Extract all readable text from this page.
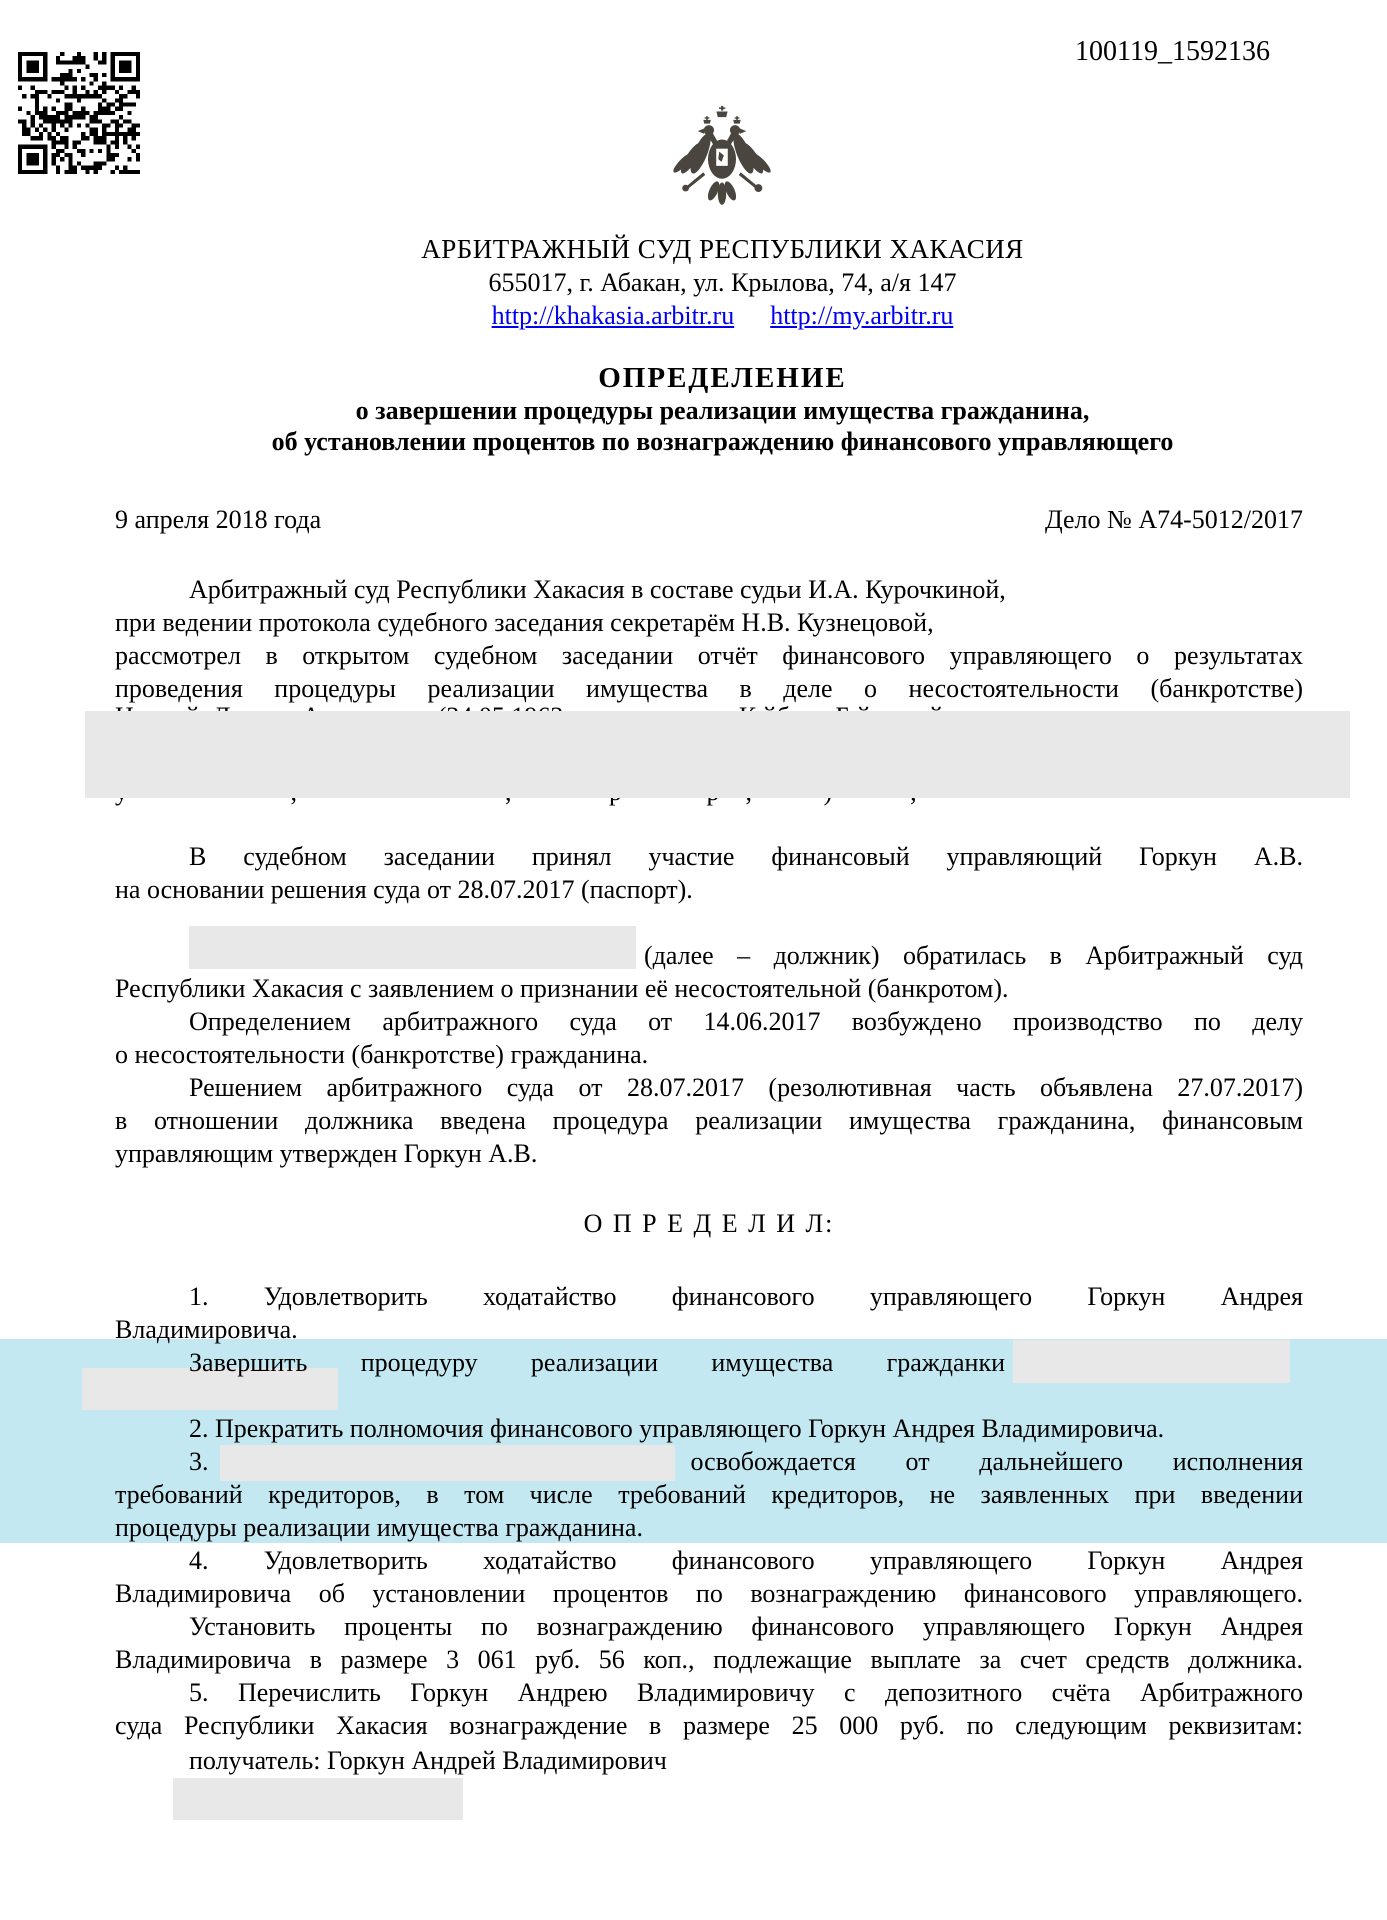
100119_1592136
АРБИТРАЖНЫЙ СУД РЕСПУБЛИКИ ХАКАСИЯ
655017, г. Абакан, ул. Крылова, 74, а/я 147
http://khakasia.arbitr.ru http://my.arbitr.ru
ОПРЕДЕЛЕНИЕ
о завершении процедуры реализации имущества гражданина,
об установлении процентов по вознаграждению финансового управляющего
9 апреля 2018 года	Дело № А74-5012/2017
Арбитражный суд Республики Хакасия в составе судьи И.А. Курочкиной,
при ведении протокола судебного заседания секретарём Н.В. Кузнецовой,
рассмотрел в открытом судебном заседании отчёт финансового управляющего о результатах
проведения процедуры реализации имущества в деле о несостоятельности (банкротстве)
В судебном заседании принял участие финансовый управляющий Горкун А.В.
на основании решения суда от 28.07.2017 (паспорт).
(далее – должник) обратилась в Арбитражный суд
Республики Хакасия с заявлением о признании её несостоятельной (банкротом).
Определением арбитражного суда от 14.06.2017 возбуждено производство по делу
о несостоятельности (банкротстве) гражданина.
Решением арбитражного суда от 28.07.2017 (резолютивная часть объявлена 27.07.2017)
в отношении должника введена процедура реализации имущества гражданина, финансовым
управляющим утвержден Горкун А.В.
О П Р Е Д Е Л И Л:
1. Удовлетворить ходатайство финансового управляющего Горкун Андрея
Владимировича.
Завершить процедуру реализации имущества гражданки
2. Прекратить полномочия финансового управляющего Горкун Андрея Владимировича.
3.	освобождается от дальнейшего исполнения
требований кредиторов, в том числе требований кредиторов, не заявленных при введении
процедуры реализации имущества гражданина.
4. Удовлетворить ходатайство финансового управляющего Горкун Андрея
Владимировича об установлении процентов по вознаграждению финансового управляющего.
Установить проценты по вознаграждению финансового управляющего Горкун Андрея
Владимировича в размере 3 061 руб. 56 коп., подлежащие выплате за счет средств должника.
5. Перечислить Горкун Андрею Владимировичу с депозитного счёта Арбитражного
суда Республики Хакасия вознаграждение в размере 25 000 руб. по следующим реквизитам:
получатель: Горкун Андрей Владимирович
